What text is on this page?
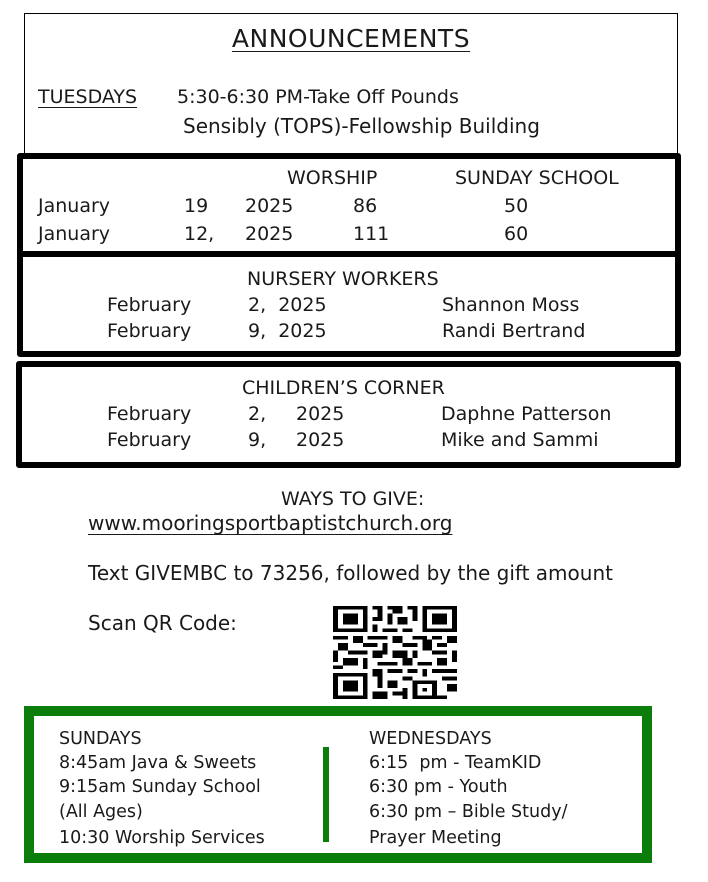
ANNOUNCEMENTS
TUESDAYS 5:30-6:30 PM-Take Off Pounds
Sensibly (TOPS)-Fellowship Building
WORSHIP	SUNDAY SCHOOL
January	19 2025	86	50
January	12, 2025	111	60
NURSERY WORKERS
February	2,  2025	Shannon Moss
February	9,  2025	Randi Bertrand
CHILDREN’S CORNER
February	2, 2025	Daphne Patterson
February	9, 2025	Mike and Sammi
WAYS TO GIVE:
www.mooringsportbaptistchurch.org
Text GIVEMBC to 73256, followed by the gift amount
Scan QR Code:
SUNDAYS
8:45am Java & Sweets
9:15am Sunday School
(All Ages)
10:30 Worship Services
WEDNESDAYS
6:15  pm - TeamKID
6:30 pm - Youth
6:30 pm – Bible Study/
Prayer Meeting
